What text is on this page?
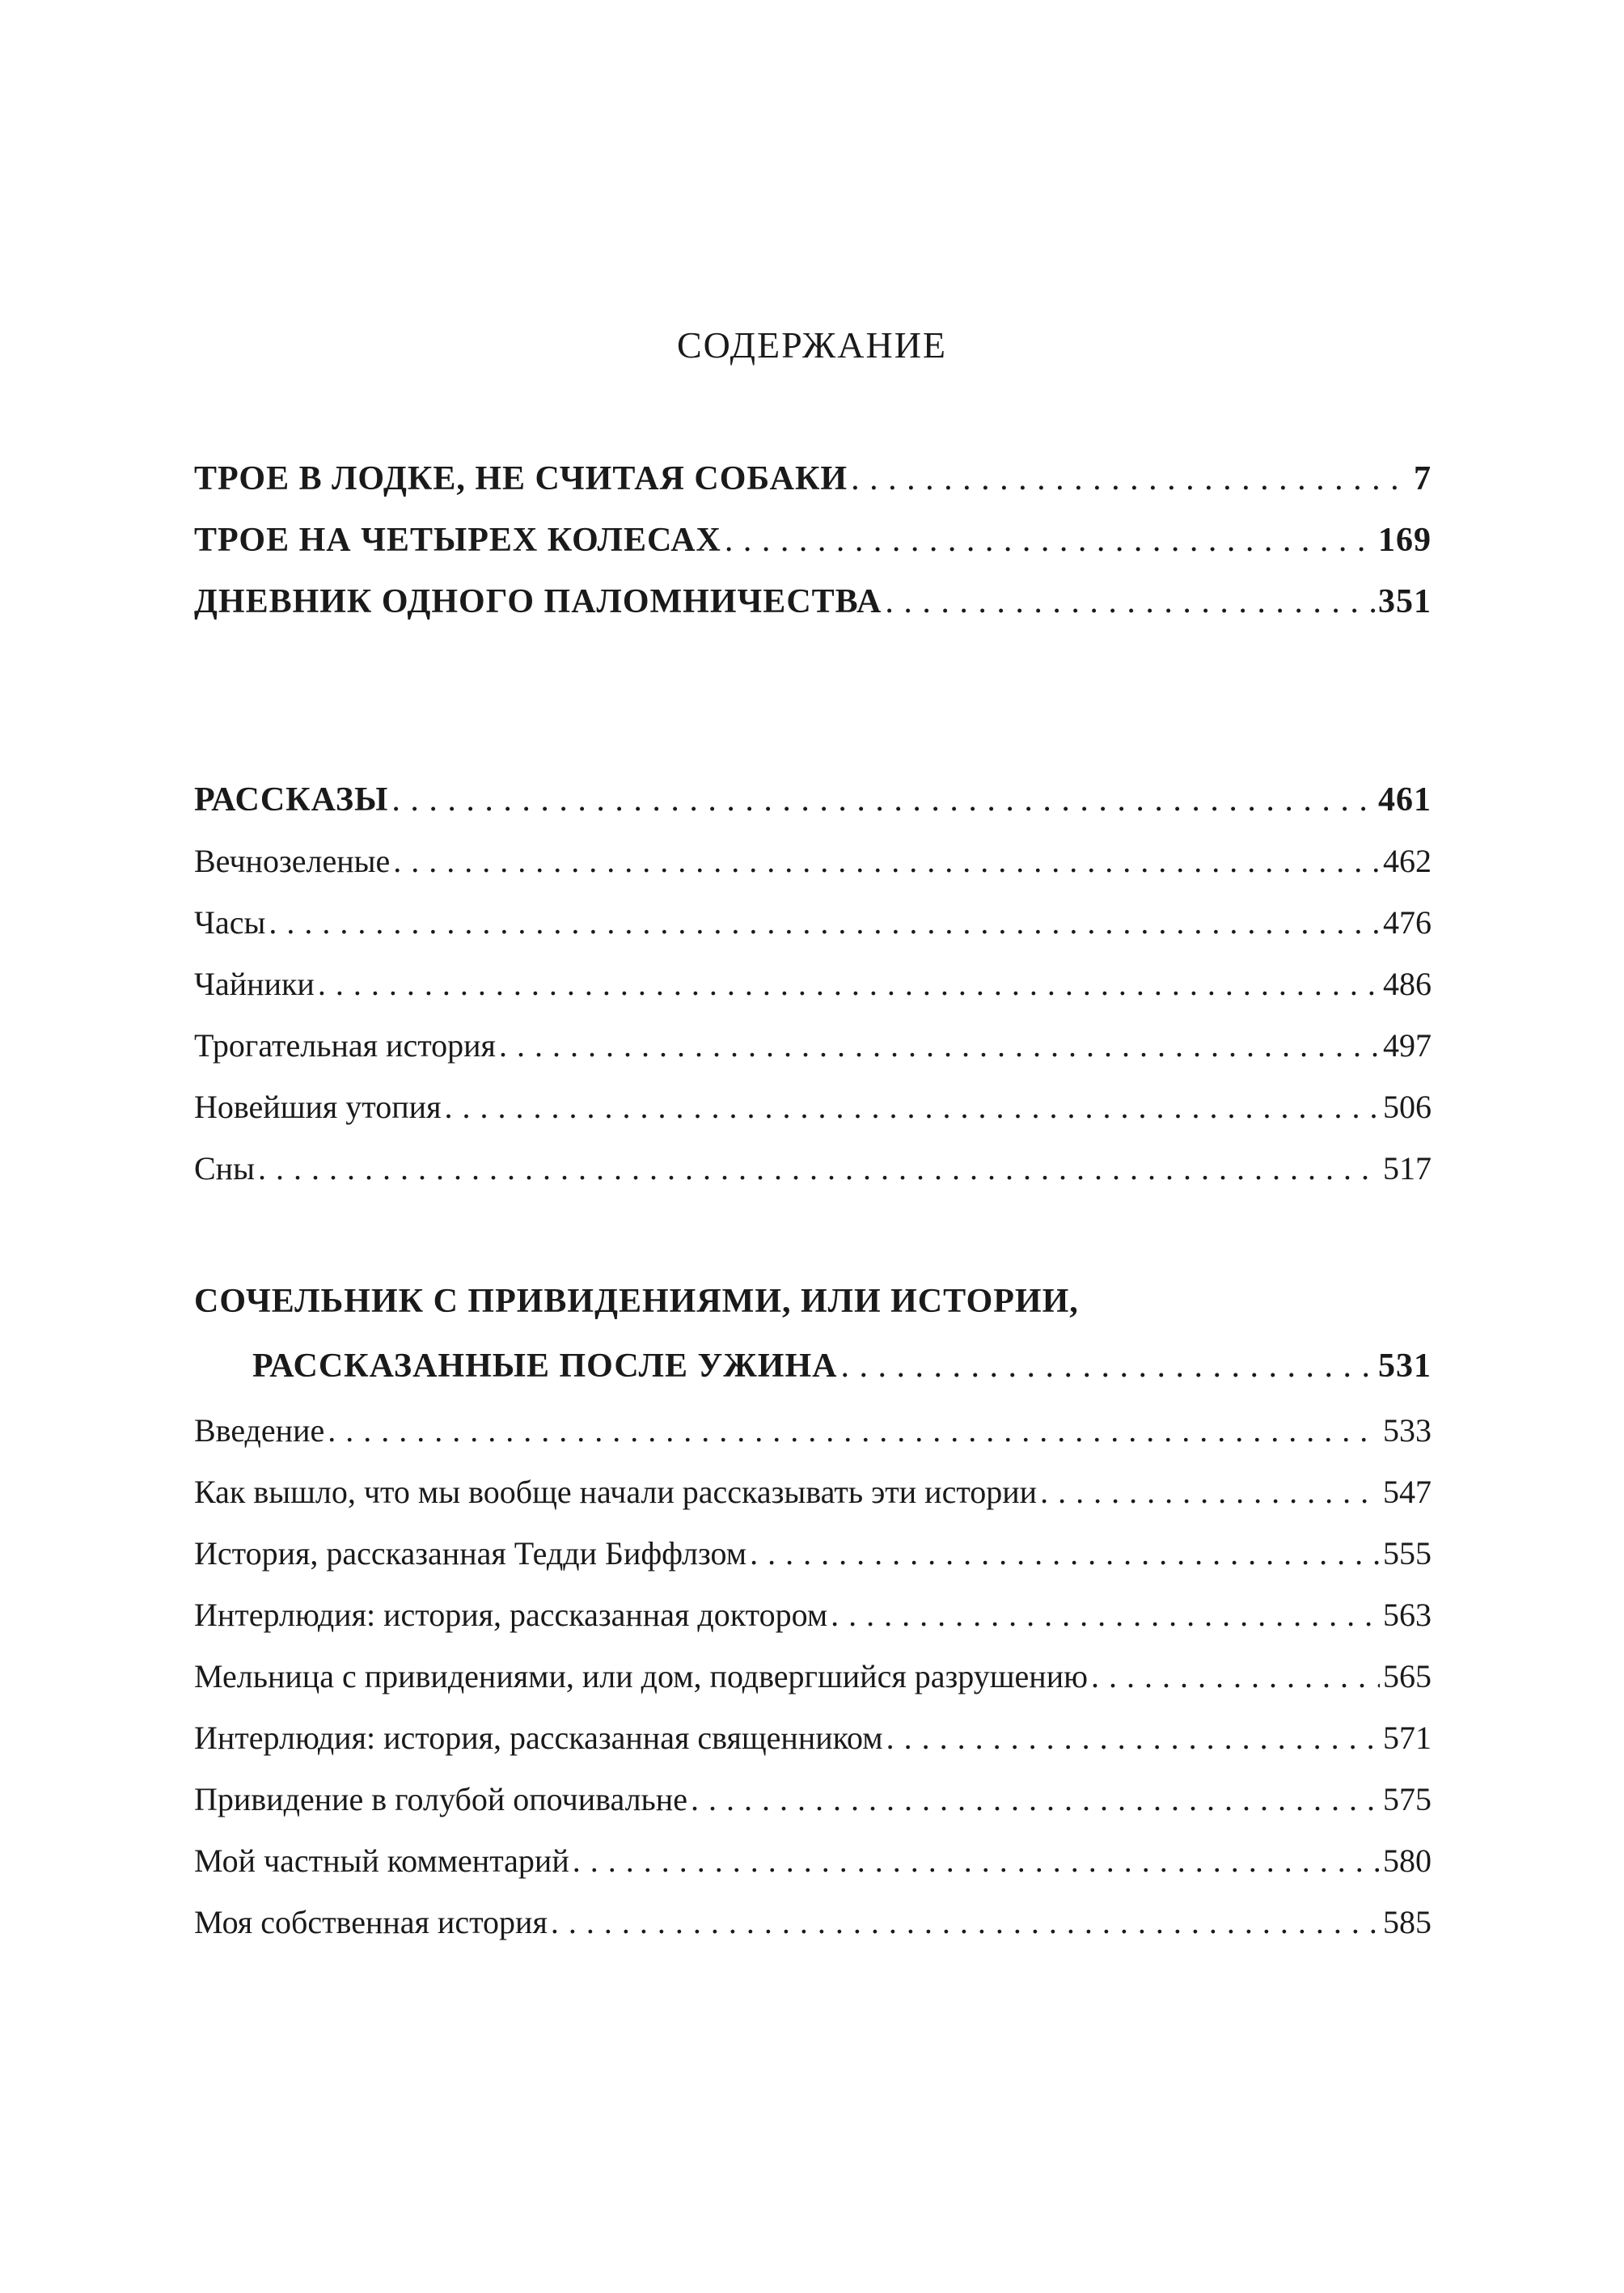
СОДЕРЖАНИЕ
ТРОЕ В ЛОДКЕ, НЕ СЧИТАЯ СОБАКИ . . .	7
ТРОЕ НА ЧЕТЫРЕХ КОЛЕСАХ . . .	169
ДНЕВНИК ОДНОГО ПАЛОМНИЧЕСТВА . . .	351
РАССКАЗЫ . . .	461
Вечнозеленые . . .	462
Часы . . .	476
Чайники . . .	486
Трогательная история . . .	497
Новейшия утопия . . .	506
Сны . . .	517
СОЧЕЛЬНИК С ПРИВИДЕНИЯМИ, ИЛИ ИСТОРИИ,
РАССКАЗАННЫЕ ПОСЛЕ УЖИНА . . .	531
Введение . . .	533
Как вышло, что мы вообще начали рассказывать эти истории . . .	547
История, рассказанная Тедди Биффлзом . . .	555
Интерлюдия: история, рассказанная доктором . . .	563
Мельница с привидениями, или дом, подвергшийся разрушению . . .	565
Интерлюдия: история, рассказанная священником . . .	571
Привидение в голубой опочивальне . . .	575
Мой частный комментарий . . .	580
Моя собственная история . . .	585
